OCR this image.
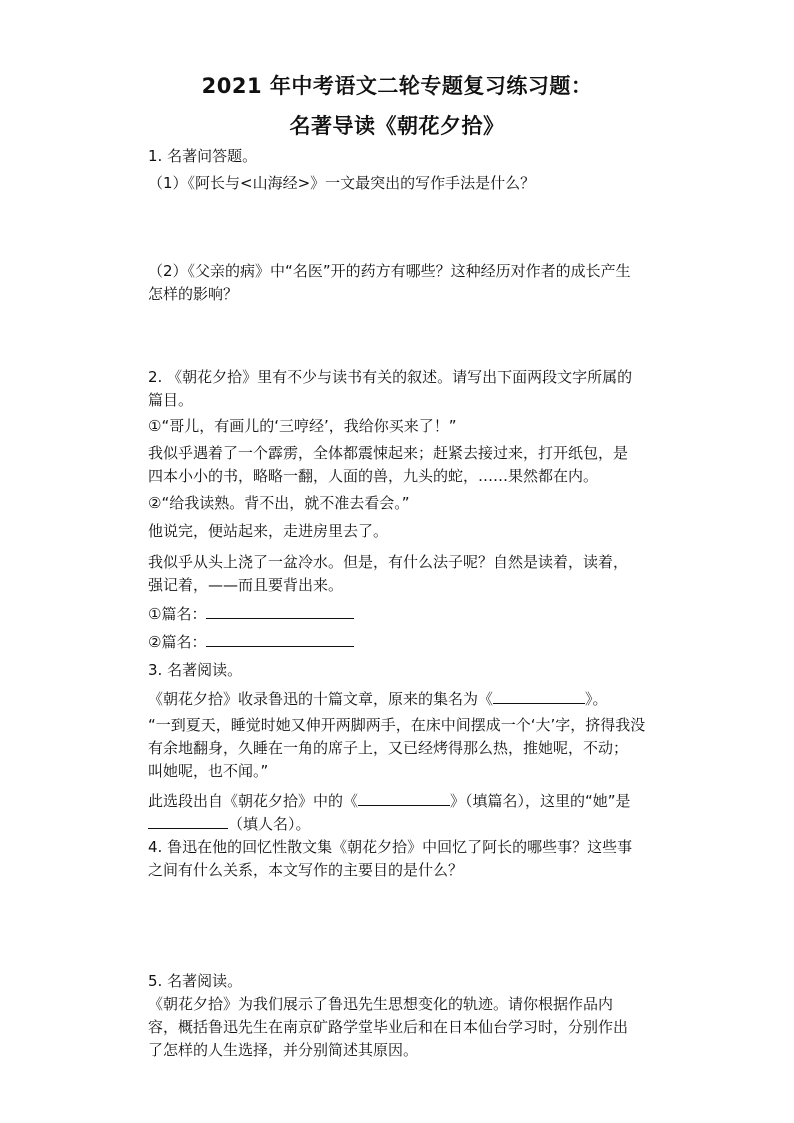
2021 年中考语文二轮专题复习练习题：
名著导读《朝花夕拾》
1. 名著问答题。
（1）《阿长与<山海经>》一文最突出的写作手法是什么？
（2）《父亲的病》中“名医”开的药方有哪些？这种经历对作者的成长产生
怎样的影响？
2. 《朝花夕拾》里有不少与读书有关的叙述。请写出下面两段文字所属的
篇目。
①“哥儿，有画儿的‘三哼经’，我给你买来了！”
我似乎遇着了一个霹雳，全体都震悚起来；赶紧去接过来，打开纸包，是
四本小小的书，略略一翻，人面的兽，九头的蛇，……果然都在内。
②“给我读熟。背不出，就不准去看会。”
他说完，便站起来，走进房里去了。
我似乎从头上浇了一盆冷水。但是，有什么法子呢？自然是读着，读着，
强记着，——而且要背出来。
①篇名：
②篇名：
3. 名著阅读。
《朝花夕拾》收录鲁迅的十篇文章，原来的集名为《	》。
“一到夏天，睡觉时她又伸开两脚两手，在床中间摆成一个‘大’字，挤得我没
有余地翻身，久睡在一角的席子上，又已经烤得那么热，推她呢，不动；
叫她呢，也不闻。”
此选段出自《朝花夕拾》中的《	》（填篇名），这里的“她”是
（填人名）。
4. 鲁迅在他的回忆性散文集《朝花夕拾》中回忆了阿长的哪些事？这些事
之间有什么关系，本文写作的主要目的是什么？
5. 名著阅读。
《朝花夕拾》为我们展示了鲁迅先生思想变化的轨迹。请你根据作品内
容，概括鲁迅先生在南京矿路学堂毕业后和在日本仙台学习时，分别作出
了怎样的人生选择，并分别简述其原因。
